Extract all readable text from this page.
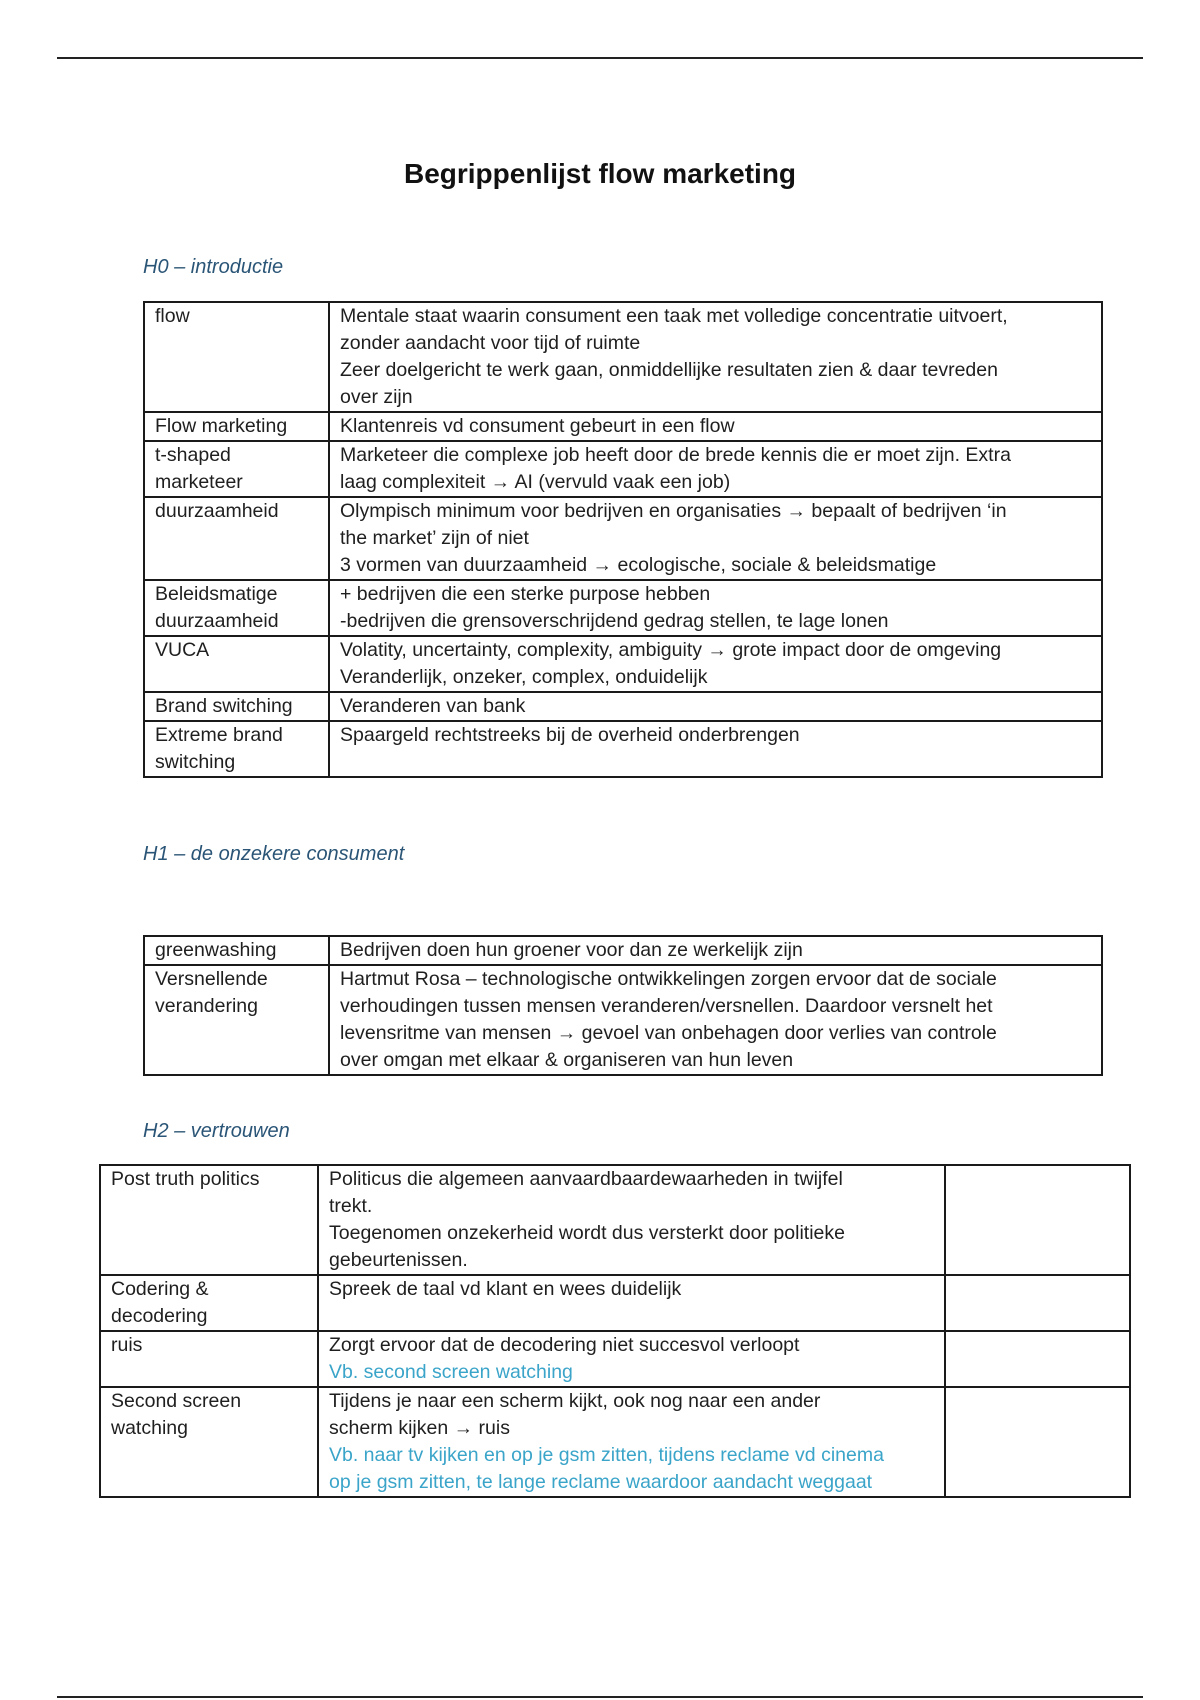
Begrippenlijst flow marketing
H0 – introductie
flow	Mentale staat waarin consument een taak met volledige concentratie uitvoert,
zonder aandacht voor tijd of ruimte
Zeer doelgericht te werk gaan, onmiddellijke resultaten zien & daar tevreden
over zijn

Flow marketing	Klantenreis vd consument gebeurt in een flow

t-shaped
marketeer	Marketeer die complexe job heeft door de brede kennis die er moet zijn. Extra
laag complexiteit → AI (vervuld vaak een job)

duurzaamheid	Olympisch minimum voor bedrijven en organisaties → bepaalt of bedrijven ‘in
the market’ zijn of niet
3 vormen van duurzaamheid → ecologische, sociale & beleidsmatige

Beleidsmatige
duurzaamheid	+ bedrijven die een sterke purpose hebben
-bedrijven die grensoverschrijdend gedrag stellen, te lage lonen

VUCA	Volatity, uncertainty, complexity, ambiguity → grote impact door de omgeving
Veranderlijk, onzeker, complex, onduidelijk

Brand switching	Veranderen van bank

Extreme brand
switching	Spaargeld rechtstreeks bij de overheid onderbrengen
H1 – de onzekere consument
greenwashing	Bedrijven doen hun groener voor dan ze werkelijk zijn

Versnellende
verandering	Hartmut Rosa – technologische ontwikkelingen zorgen ervoor dat de sociale
verhoudingen tussen mensen veranderen/versnellen. Daardoor versnelt het
levensritme van mensen → gevoel van onbehagen door verlies van controle
over omgan met elkaar & organiseren van hun leven
H2 – vertrouwen
Post truth politics	Politicus die algemeen aanvaardbaardewaarheden in twijfel
trekt.
Toegenomen onzekerheid wordt dus versterkt door politieke
gebeurtenissen.	

Codering &
decodering	Spreek de taal vd klant en wees duidelijk	

ruis	Zorgt ervoor dat de decodering niet succesvol verloopt
Vb. second screen watching	

Second screen
watching	Tijdens je naar een scherm kijkt, ook nog naar een ander
scherm kijken → ruis
Vb. naar tv kijken en op je gsm zitten, tijdens reclame vd cinema
op je gsm zitten, te lange reclame waardoor aandacht weggaat	
